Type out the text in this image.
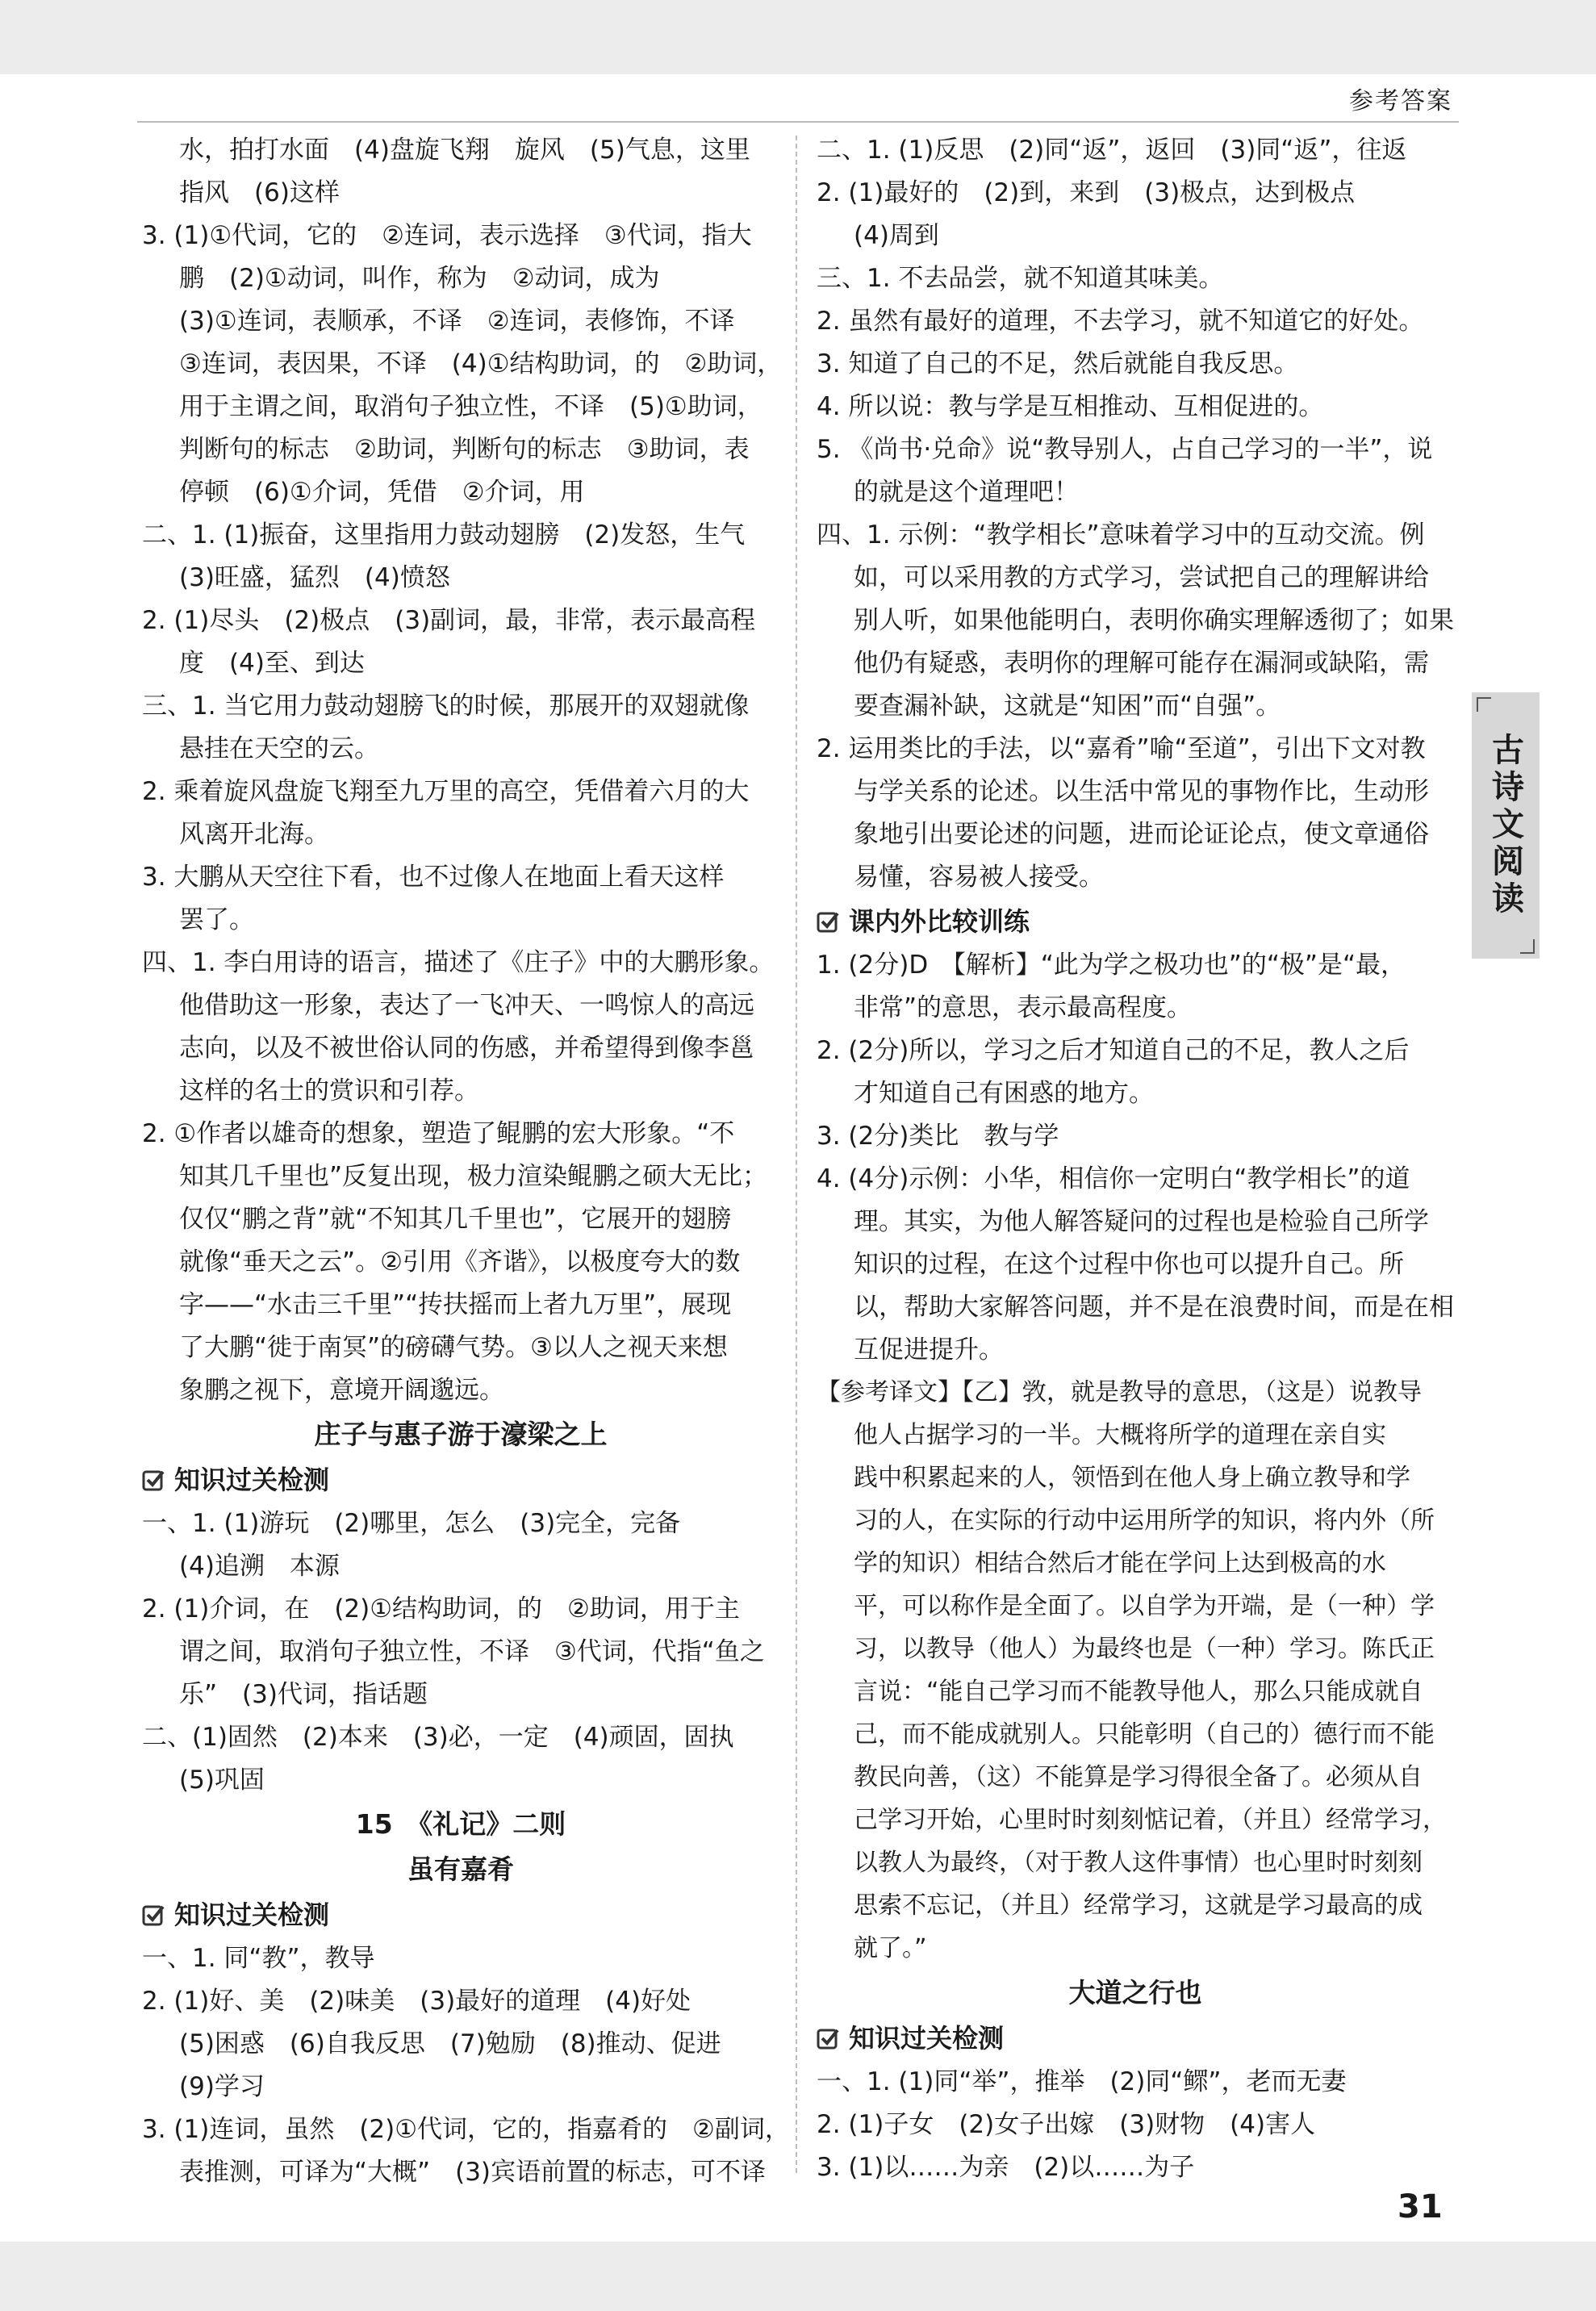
参考答案
水，拍打水面　(4)盘旋飞翔　旋风　(5)气息，这里
指风　(6)这样
3. (1)①代词，它的　②连词，表示选择　③代词，指大
鹏　(2)①动词，叫作，称为　②动词，成为
(3)①连词，表顺承，不译　②连词，表修饰，不译
③连词，表因果，不译　(4)①结构助词，的　②助词，
用于主谓之间，取消句子独立性，不译　(5)①助词，
判断句的标志　②助词，判断句的标志　③助词，表
停顿　(6)①介词，凭借　②介词，用
二、1. (1)振奋，这里指用力鼓动翅膀　(2)发怒，生气
(3)旺盛，猛烈　(4)愤怒
2. (1)尽头　(2)极点　(3)副词，最，非常，表示最高程
度　(4)至、到达
三、1. 当它用力鼓动翅膀飞的时候，那展开的双翅就像
悬挂在天空的云。
2. 乘着旋风盘旋飞翔至九万里的高空，凭借着六月的大
风离开北海。
3. 大鹏从天空往下看，也不过像人在地面上看天这样
罢了。
四、1. 李白用诗的语言，描述了《庄子》中的大鹏形象。
他借助这一形象，表达了一飞冲天、一鸣惊人的高远
志向，以及不被世俗认同的伤感，并希望得到像李邕
这样的名士的赏识和引荐。
2. ①作者以雄奇的想象，塑造了鲲鹏的宏大形象。“不
知其几千里也”反复出现，极力渲染鲲鹏之硕大无比；
仅仅“鹏之背”就“不知其几千里也”，它展开的翅膀
就像“垂天之云”。②引用《齐谐》，以极度夸大的数
字——“水击三千里”“抟扶摇而上者九万里”，展现
了大鹏“徙于南冥”的磅礴气势。③以人之视天来想
象鹏之视下，意境开阔邈远。
庄子与惠子游于濠梁之上
知识过关检测
一、1. (1)游玩　(2)哪里，怎么　(3)完全，完备
(4)追溯　本源
2. (1)介词，在　(2)①结构助词，的　②助词，用于主
谓之间，取消句子独立性，不译　③代词，代指“鱼之
乐”　(3)代词，指话题
二、(1)固然　(2)本来　(3)必，一定　(4)顽固，固执
(5)巩固
15　《礼记》二则
虽有嘉肴
知识过关检测
一、1. 同“教”，教导
2. (1)好、美　(2)味美　(3)最好的道理　(4)好处
(5)困惑　(6)自我反思　(7)勉励　(8)推动、促进
(9)学习
3. (1)连词，虽然　(2)①代词，它的，指嘉肴的　②副词，
表推测，可译为“大概”　(3)宾语前置的标志，可不译
二、1. (1)反思　(2)同“返”，返回　(3)同“返”，往返
2. (1)最好的　(2)到，来到　(3)极点，达到极点
(4)周到
三、1. 不去品尝，就不知道其味美。
2. 虽然有最好的道理，不去学习，就不知道它的好处。
3. 知道了自己的不足，然后就能自我反思。
4. 所以说：教与学是互相推动、互相促进的。
5. 《尚书·兑命》说“教导别人，占自己学习的一半”，说
的就是这个道理吧！
四、1. 示例：“教学相长”意味着学习中的互动交流。例
如，可以采用教的方式学习，尝试把自己的理解讲给
别人听，如果他能明白，表明你确实理解透彻了；如果
他仍有疑惑，表明你的理解可能存在漏洞或缺陷，需
要查漏补缺，这就是“知困”而“自强”。
2. 运用类比的手法，以“嘉肴”喻“至道”，引出下文对教
与学关系的论述。以生活中常见的事物作比，生动形
象地引出要论述的问题，进而论证论点，使文章通俗
易懂，容易被人接受。
课内外比较训练
1. (2分)D　【解析】“此为学之极功也”的“极”是“最，
非常”的意思，表示最高程度。
2. (2分)所以，学习之后才知道自己的不足，教人之后
才知道自己有困惑的地方。
3. (2分)类比　教与学
4. (4分)示例：小华，相信你一定明白“教学相长”的道
理。其实，为他人解答疑问的过程也是检验自己所学
知识的过程，在这个过程中你也可以提升自己。所
以，帮助大家解答问题，并不是在浪费时间，而是在相
互促进提升。
【参考译文】【乙】敩，就是教导的意思，（这是）说教导
他人占据学习的一半。大概将所学的道理在亲自实
践中积累起来的人，领悟到在他人身上确立教导和学
习的人，在实际的行动中运用所学的知识，将内外（所
学的知识）相结合然后才能在学问上达到极高的水
平，可以称作是全面了。以自学为开端，是（一种）学
习，以教导（他人）为最终也是（一种）学习。陈氏正
言说：“能自己学习而不能教导他人，那么只能成就自
己，而不能成就别人。只能彰明（自己的）德行而不能
教民向善，（这）不能算是学习得很全备了。必须从自
己学习开始，心里时时刻刻惦记着，（并且）经常学习，
以教人为最终，（对于教人这件事情）也心里时时刻刻
思索不忘记，（并且）经常学习，这就是学习最高的成
就了。”
大道之行也
知识过关检测
一、1. (1)同“举”，推举　(2)同“鳏”，老而无妻
2. (1)子女　(2)女子出嫁　(3)财物　(4)害人
3. (1)以……为亲　(2)以……为子
古诗文阅读
31
